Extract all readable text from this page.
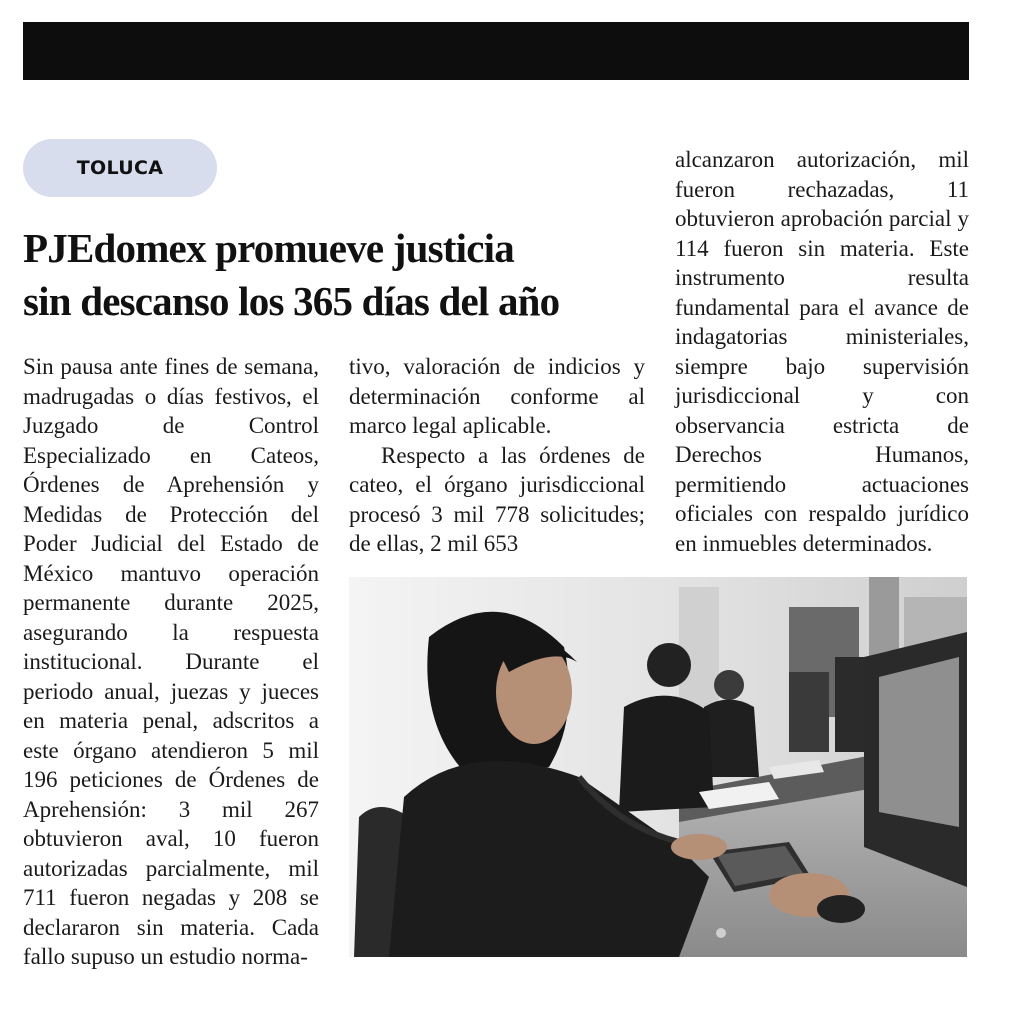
TOLUCA
PJEdomex promueve justicia
sin descanso los 365 días del año

Sin pausa ante fines de semana, madrugadas o días festivos, el Juzgado de Control Especializado en Cateos, Órdenes de Aprehensión y Medidas de Protección del Poder Judicial del Estado de México mantuvo operación permanente durante 2025, asegurando la respuesta institucional. Durante el periodo anual, juezas y jueces en materia penal, adscritos a este órgano atendieron 5 mil 196 peticiones de Órdenes de Aprehensión: 3 mil 267 obtuvieron aval, 10 fueron autorizadas parcialmente, mil 711 fueron negadas y 208 se declararon sin materia. Cada fallo supuso un estudio norma-

tivo, valoración de indicios y determinación conforme al marco legal aplicable.

Respecto a las órdenes de cateo, el órgano jurisdiccional procesó 3 mil 778 solicitudes; de ellas, 2 mil 653

alcanzaron autorización, mil fueron rechazadas, 11 obtuvieron aprobación parcial y 114 fueron sin materia. Este instrumento resulta fundamental para el avance de indagatorias ministeriales, siempre bajo supervisión jurisdiccional y con observancia estricta de Derechos Humanos, permitiendo actuaciones oficiales con respaldo jurídico en inmuebles determinados.
